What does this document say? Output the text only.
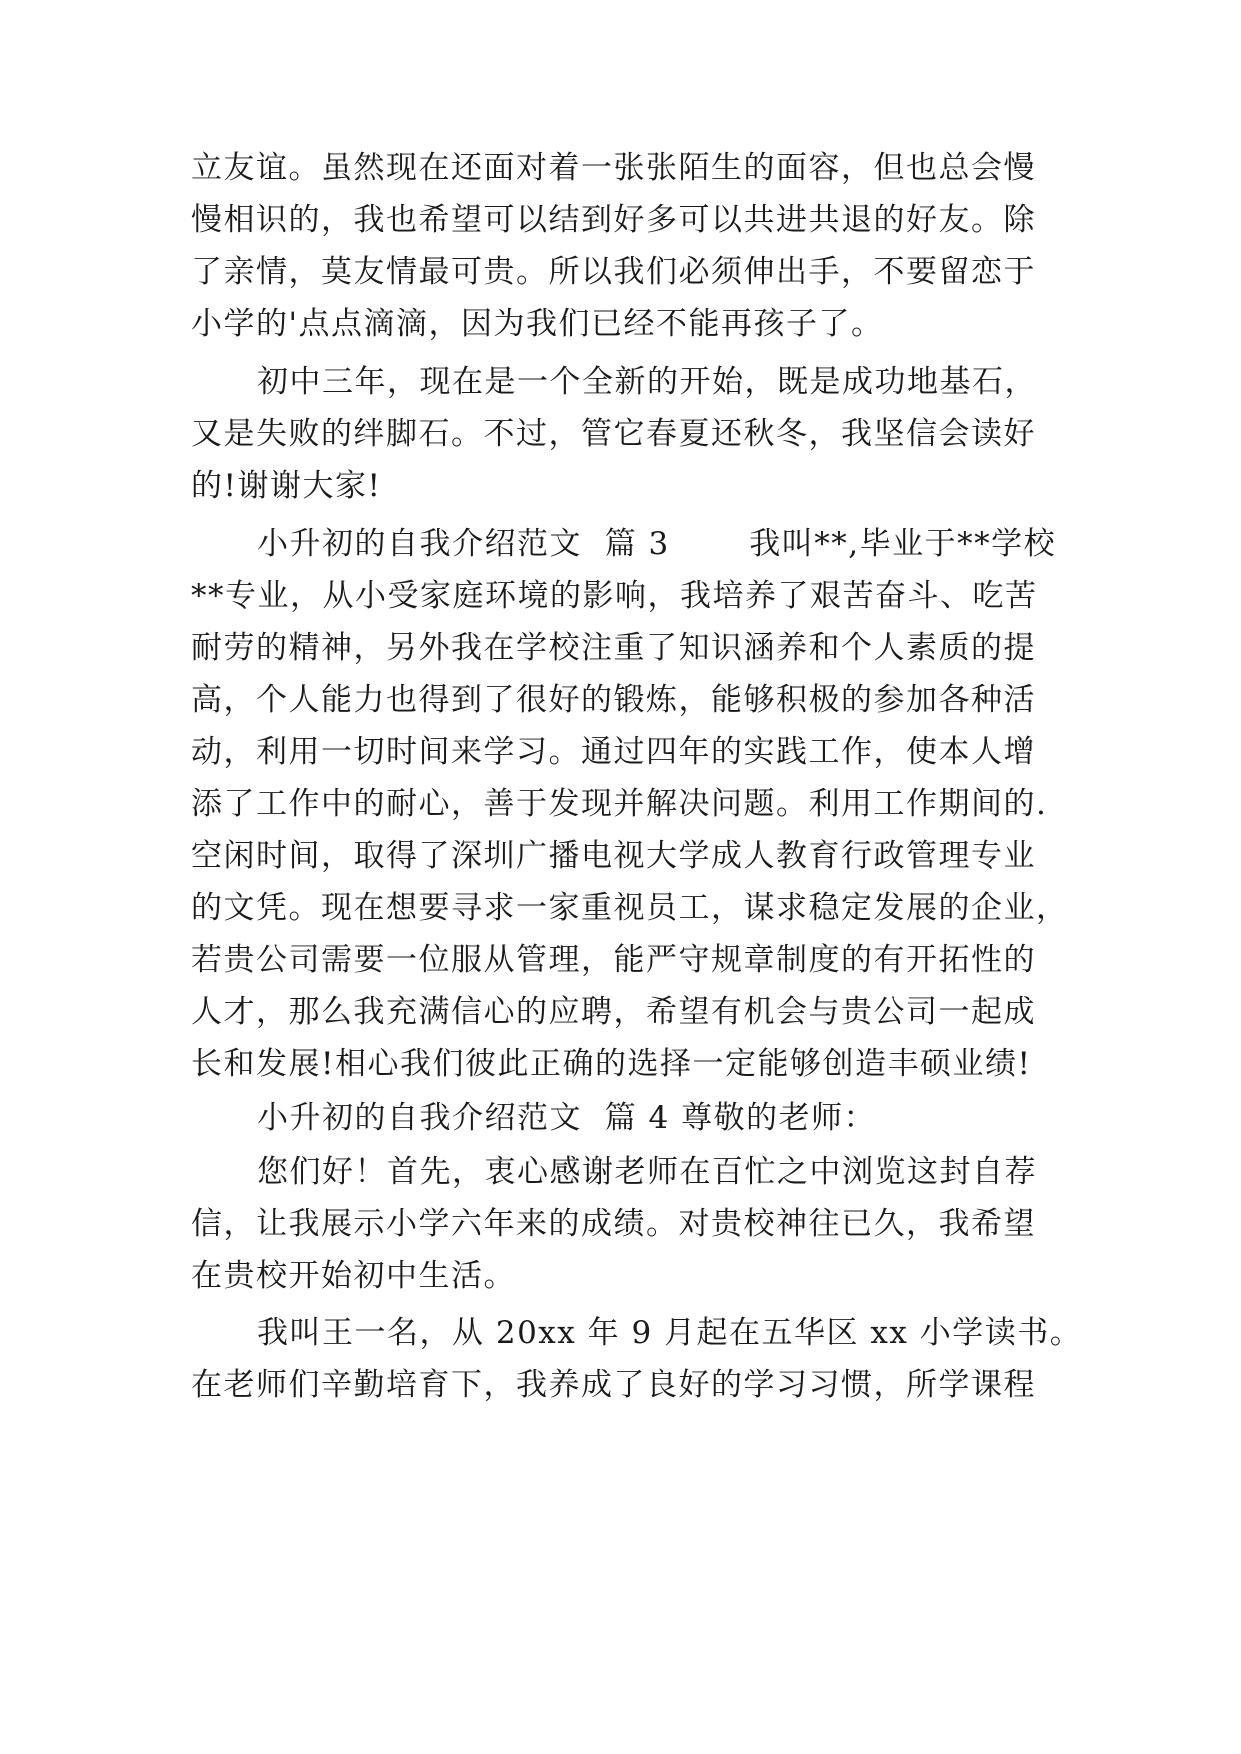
立友谊。虽然现在还面对着一张张陌生的面容，但也总会慢
慢相识的，我也希望可以结到好多可以共进共退的好友。除
了亲情，莫友情最可贵。所以我们必须伸出手，不要留恋于
小学的'点点滴滴，因为我们已经不能再孩子了。
初中三年，现在是一个全新的开始，既是成功地基石，
又是失败的绊脚石。不过，管它春夏还秋冬，我坚信会读好
的!谢谢大家!
小升初的自我介绍范文  篇 3       我叫**,毕业于**学校
**专业，从小受家庭环境的影响，我培养了艰苦奋斗、吃苦
耐劳的精神，另外我在学校注重了知识涵养和个人素质的提
高，个人能力也得到了很好的锻炼，能够积极的参加各种活
动，利用一切时间来学习。通过四年的实践工作，使本人增
添了工作中的耐心，善于发现并解决问题。利用工作期间的.
空闲时间，取得了深圳广播电视大学成人教育行政管理专业
的文凭。现在想要寻求一家重视员工，谋求稳定发展的企业，
若贵公司需要一位服从管理，能严守规章制度的有开拓性的
人才，那么我充满信心的应聘，希望有机会与贵公司一起成
长和发展!相心我们彼此正确的选择一定能够创造丰硕业绩!
小升初的自我介绍范文  篇 4 尊敬的老师：
您们好！首先，衷心感谢老师在百忙之中浏览这封自荐
信，让我展示小学六年来的成绩。对贵校神往已久，我希望
在贵校开始初中生活。
我叫王一名，从 20xx 年 9 月起在五华区 xx 小学读书。
在老师们辛勤培育下，我养成了良好的学习习惯，所学课程
